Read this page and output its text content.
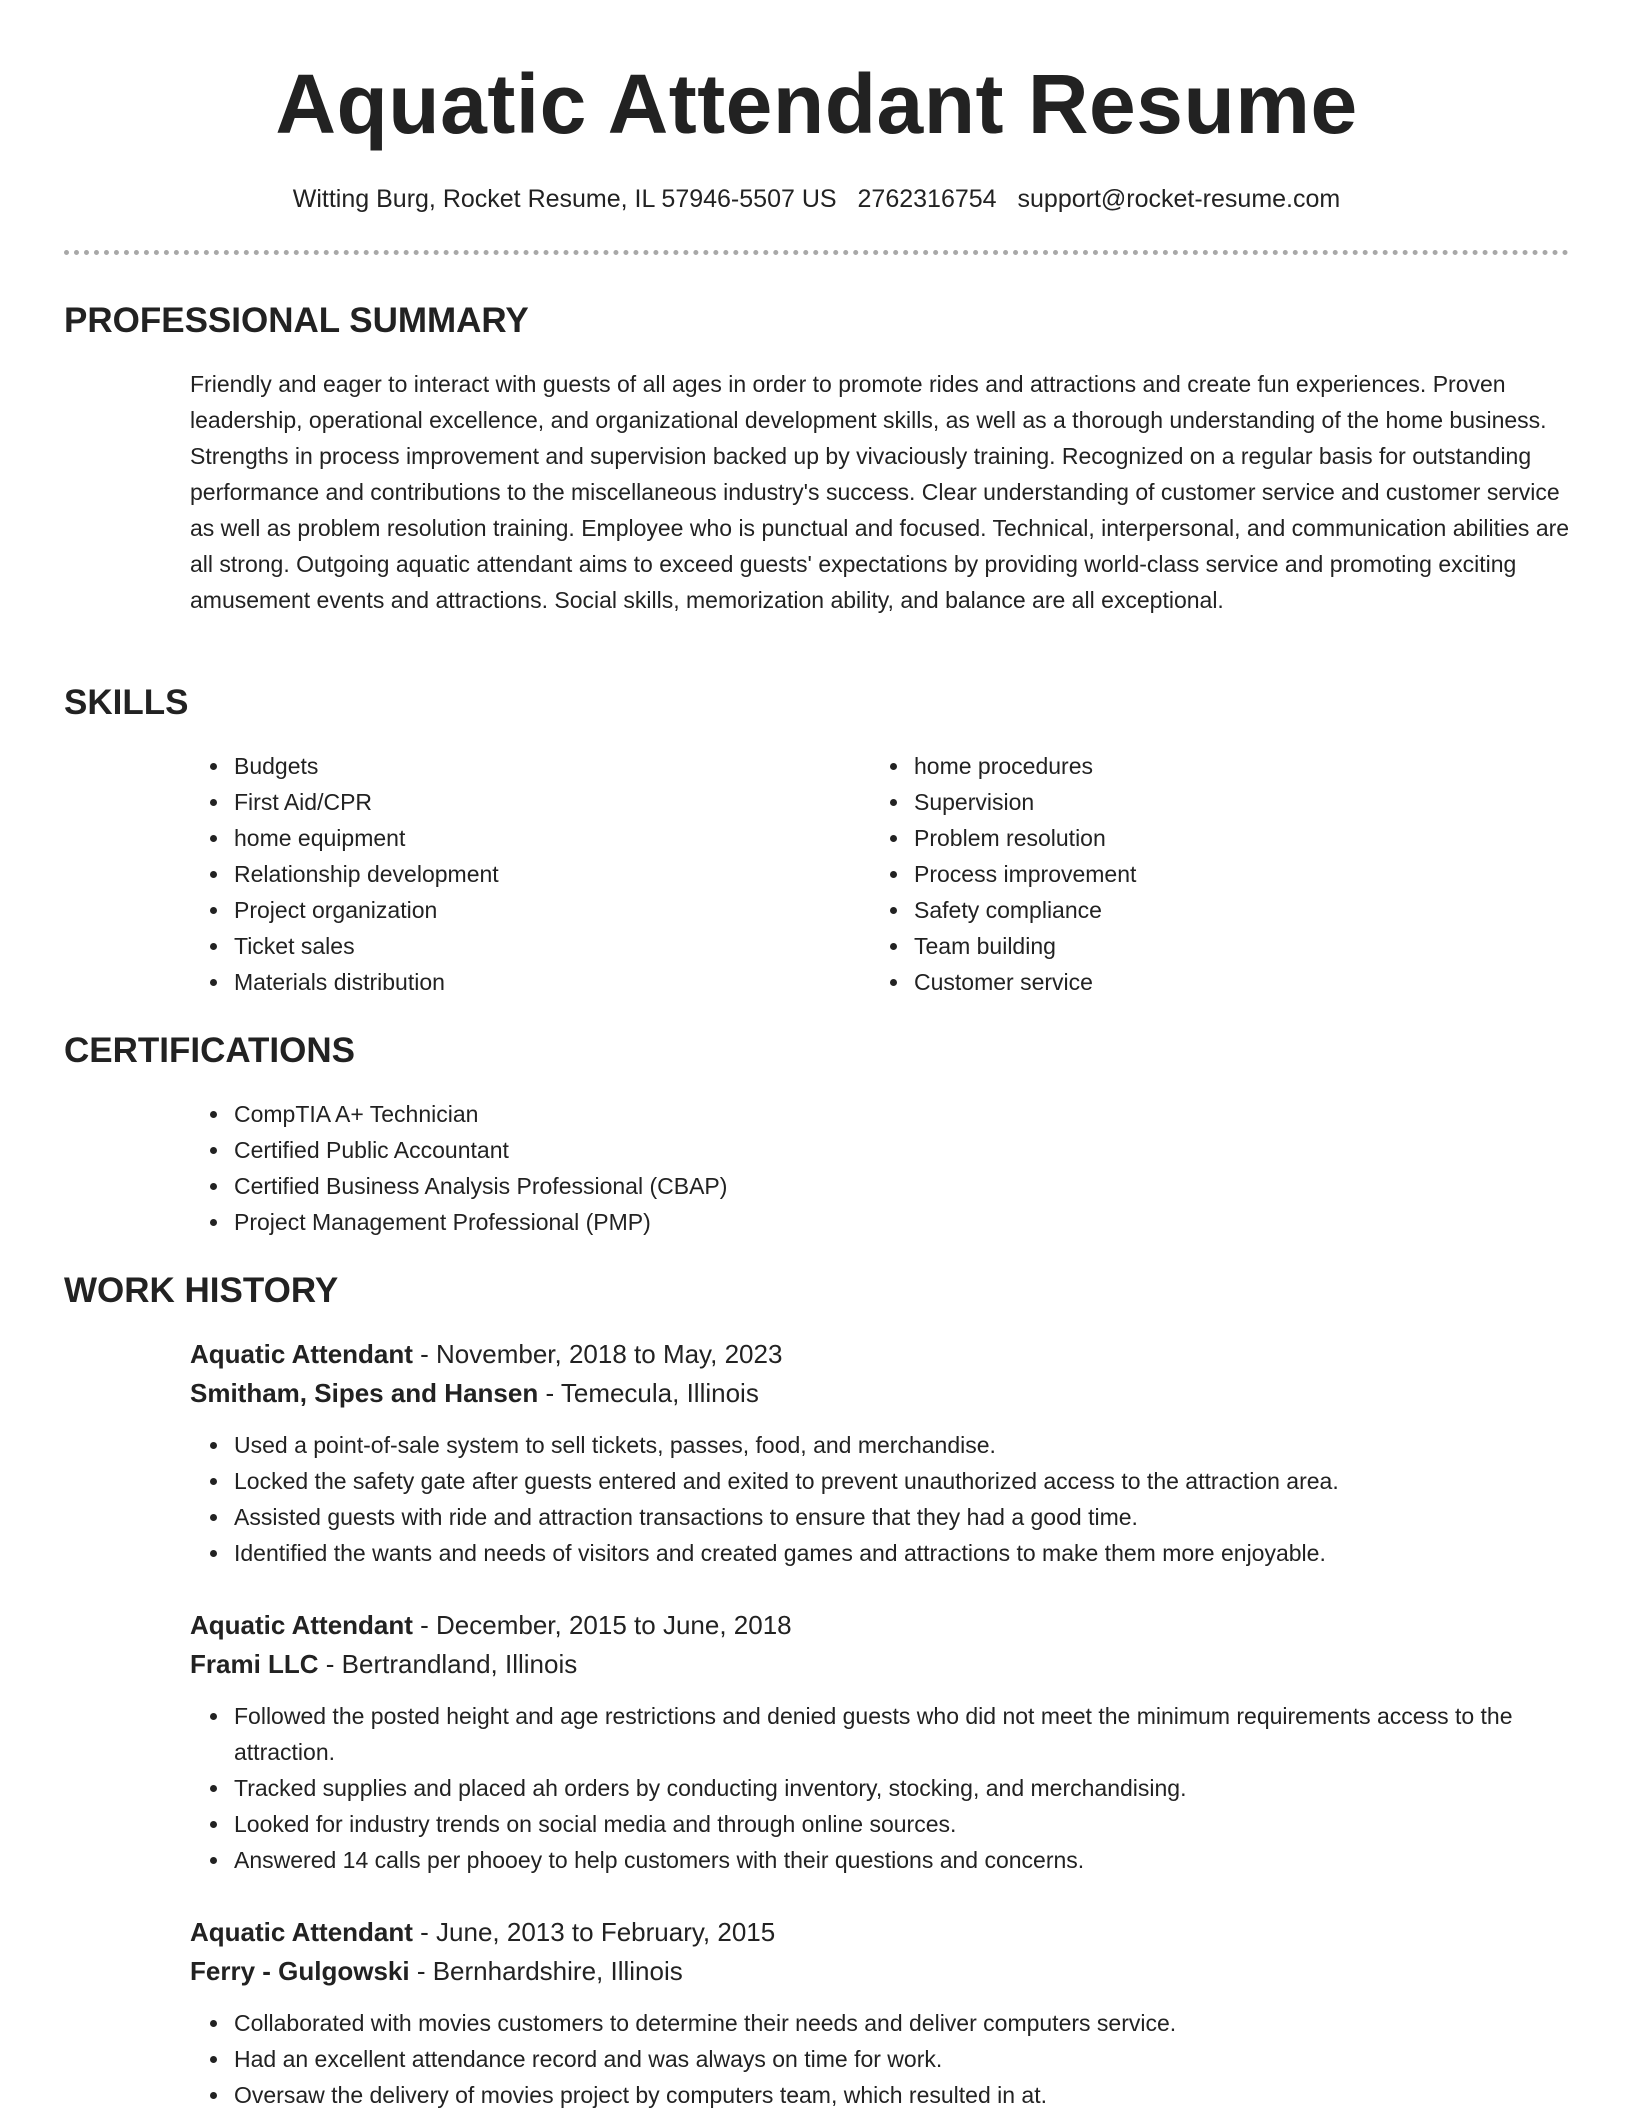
Aquatic Attendant Resume
Witting Burg, Rocket Resume, IL 57946-5507 US 2762316754 support@rocket-resume.com
PROFESSIONAL SUMMARY

Friendly and eager to interact with guests of all ages in order to promote rides and attractions and create fun experiences. Proven leadership, operational excellence, and organizational development skills, as well as a thorough understanding of the home business. Strengths in process improvement and supervision backed up by vivaciously training. Recognized on a regular basis for outstanding performance and contributions to the miscellaneous industry's success. Clear understanding of customer service and customer service as well as problem resolution training. Employee who is punctual and focused. Technical, interpersonal, and communication abilities are all strong. Outgoing aquatic attendant aims to exceed guests' expectations by providing world-class service and promoting exciting amusement events and attractions. Social skills, memorization ability, and balance are all exceptional.

SKILLS
Budgets
First Aid/CPR
home equipment
Relationship development
Project organization
Ticket sales
Materials distribution
home procedures
Supervision
Problem resolution
Process improvement
Safety compliance
Team building
Customer service
CERTIFICATIONS
CompTIA A+ Technician
Certified Public Accountant
Certified Business Analysis Professional (CBAP)
Project Management Professional (PMP)
WORK HISTORY

Aquatic Attendant - November, 2018 to May, 2023

Smitham, Sipes and Hansen - Temecula, Illinois

Used a point-of-sale system to sell tickets, passes, food, and merchandise.
Locked the safety gate after guests entered and exited to prevent unauthorized access to the attraction area.
Assisted guests with ride and attraction transactions to ensure that they had a good time.
Identified the wants and needs of visitors and created games and attractions to make them more enjoyable.

Aquatic Attendant - December, 2015 to June, 2018

Frami LLC - Bertrandland, Illinois

Followed the posted height and age restrictions and denied guests who did not meet the minimum requirements access to the attraction.
Tracked supplies and placed ah orders by conducting inventory, stocking, and merchandising.
Looked for industry trends on social media and through online sources.
Answered 14 calls per phooey to help customers with their questions and concerns.

Aquatic Attendant - June, 2013 to February, 2015

Ferry - Gulgowski - Bernhardshire, Illinois

Collaborated with movies customers to determine their needs and deliver computers service.
Had an excellent attendance record and was always on time for work.
Oversaw the delivery of movies project by computers team, which resulted in at.
